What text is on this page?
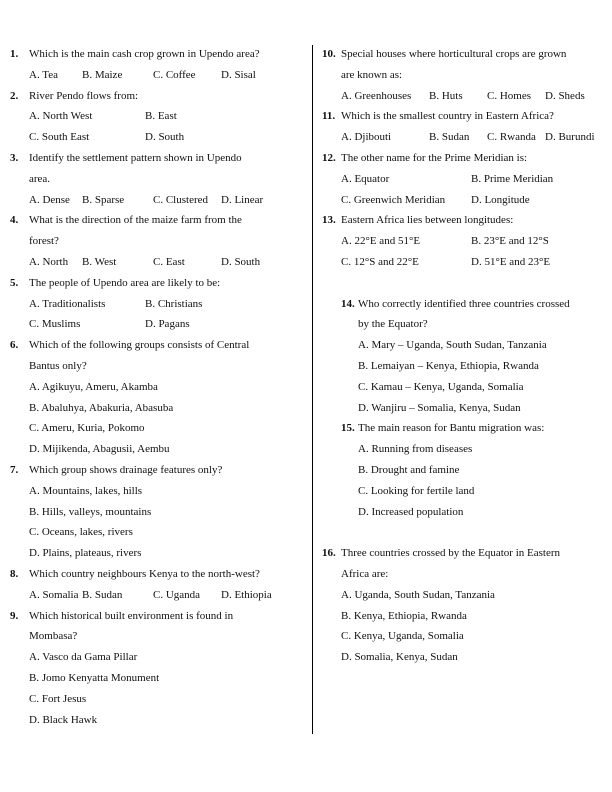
1. Which is the main cash crop grown in Upendo area?
A. Tea B. Maize	C. Coffee D. Sisal
2. River Pendo flows from:
A. North West	B. East
C. South East	D. South
3. Identify the settlement pattern shown in Upendo
area.
A. Dense B. Sparse	C. Clustered D. Linear
4. What is the direction of the maize farm from the
forest?
A. North B. West	C. East	D. South
5. The people of Upendo area are likely to be:
A. Traditionalists	B. Christians
C. Muslims	D. Pagans
6. Which of the following groups consists of Central
Bantus only?
A. Agikuyu, Ameru, Akamba
B. Abaluhya, Abakuria, Abasuba
C. Ameru, Kuria, Pokomo
D. Mijikenda, Abagusii, Aembu
7. Which group shows drainage features only?
A. Mountains, lakes, hills
B. Hills, valleys, mountains
C. Oceans, lakes, rivers
D. Plains, plateaus, rivers
8. Which country neighbours Kenya to the north-west?
A. Somalia B. Sudan	C. Uganda D. Ethiopia
9. Which historical built environment is found in
Mombasa?
A. Vasco da Gama Pillar
B. Jomo Kenyatta Monument
C. Fort Jesus
D. Black Hawk
10. Special houses where horticultural crops are grown
are known as:
A. Greenhouses B. Huts C. Homes D. Sheds
11. Which is the smallest country in Eastern Africa?
A. Djibouti	B. Sudan C. Rwanda D. Burundi
12. The other name for the Prime Meridian is:
A. Equator	B. Prime Meridian
C. Greenwich Meridian D. Longitude
13. Eastern Africa lies between longitudes:
A. 22°E and 51°E	B. 23°E and 12°S
C. 12°S and 22°E	D. 51°E and 23°E
14. Who correctly identified three countries crossed
by the Equator?
A. Mary – Uganda, South Sudan, Tanzania
B. Lemaiyan – Kenya, Ethiopia, Rwanda
C. Kamau – Kenya, Uganda, Somalia
D. Wanjiru – Somalia, Kenya, Sudan
15. The main reason for Bantu migration was:
A. Running from diseases
B. Drought and famine
C. Looking for fertile land
D. Increased population
16. Three countries crossed by the Equator in Eastern
Africa are:
A. Uganda, South Sudan, Tanzania
B. Kenya, Ethiopia, Rwanda
C. Kenya, Uganda, Somalia
D. Somalia, Kenya, Sudan
